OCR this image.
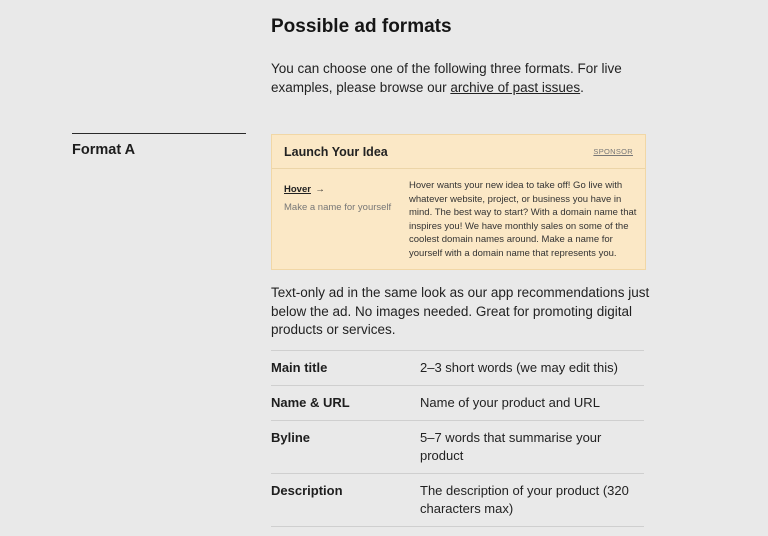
Possible ad formats

You can choose one of the following three formats. For live examples, please browse our archive of past issues.

Format A	Launch Your Idea	SPONSOR
Hover →
Make a name for yourself
Hover wants your new idea to take off! Go live with whatever website, project, or business you have in mind. The best way to start? With a domain name that inspires you! We have monthly sales on some of the coolest domain names around. Make a name for yourself with a domain name that represents you.

Text-only ad in the same look as our app recommendations just below the ad. No images needed. Great for promoting digital products or services.

Main title	2–3 short words (we may edit this)
Name & URL	Name of your product and URL
Byline	5–7 words that summarise your product
Description	The description of your product (320 characters max)
